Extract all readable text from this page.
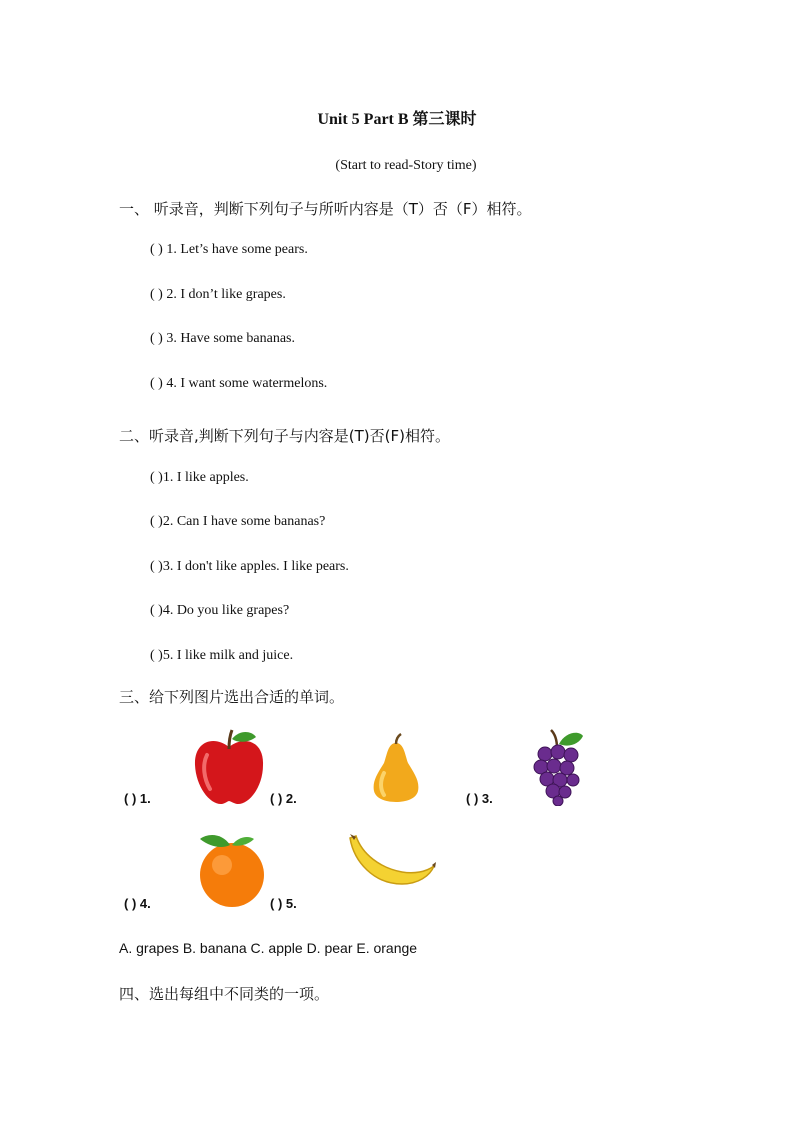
Unit 5 Part B 第三课时
(Start to read-Story time)
一、 听录音，判断下列句子与所听内容是（T）否（F）相符。
( ) 1. Let’s have some pears.
( ) 2. I don’t like grapes.
( ) 3. Have some bananas.
( ) 4. I want some watermelons.
二、听录音,判断下列句子与内容是(T)否(F)相符。
( )1. I like apples.
( )2. Can I have some bananas?
( )3. I don't like apples. I like pears.
( )4. Do you like grapes?
( )5. I like milk and juice.
三、给下列图片选出合适的单词。
( ) 1.	( ) 2.	( ) 3.
( ) 4.	( ) 5.
A. grapes B. banana C. apple D. pear E. orange
四、选出每组中不同类的一项。
